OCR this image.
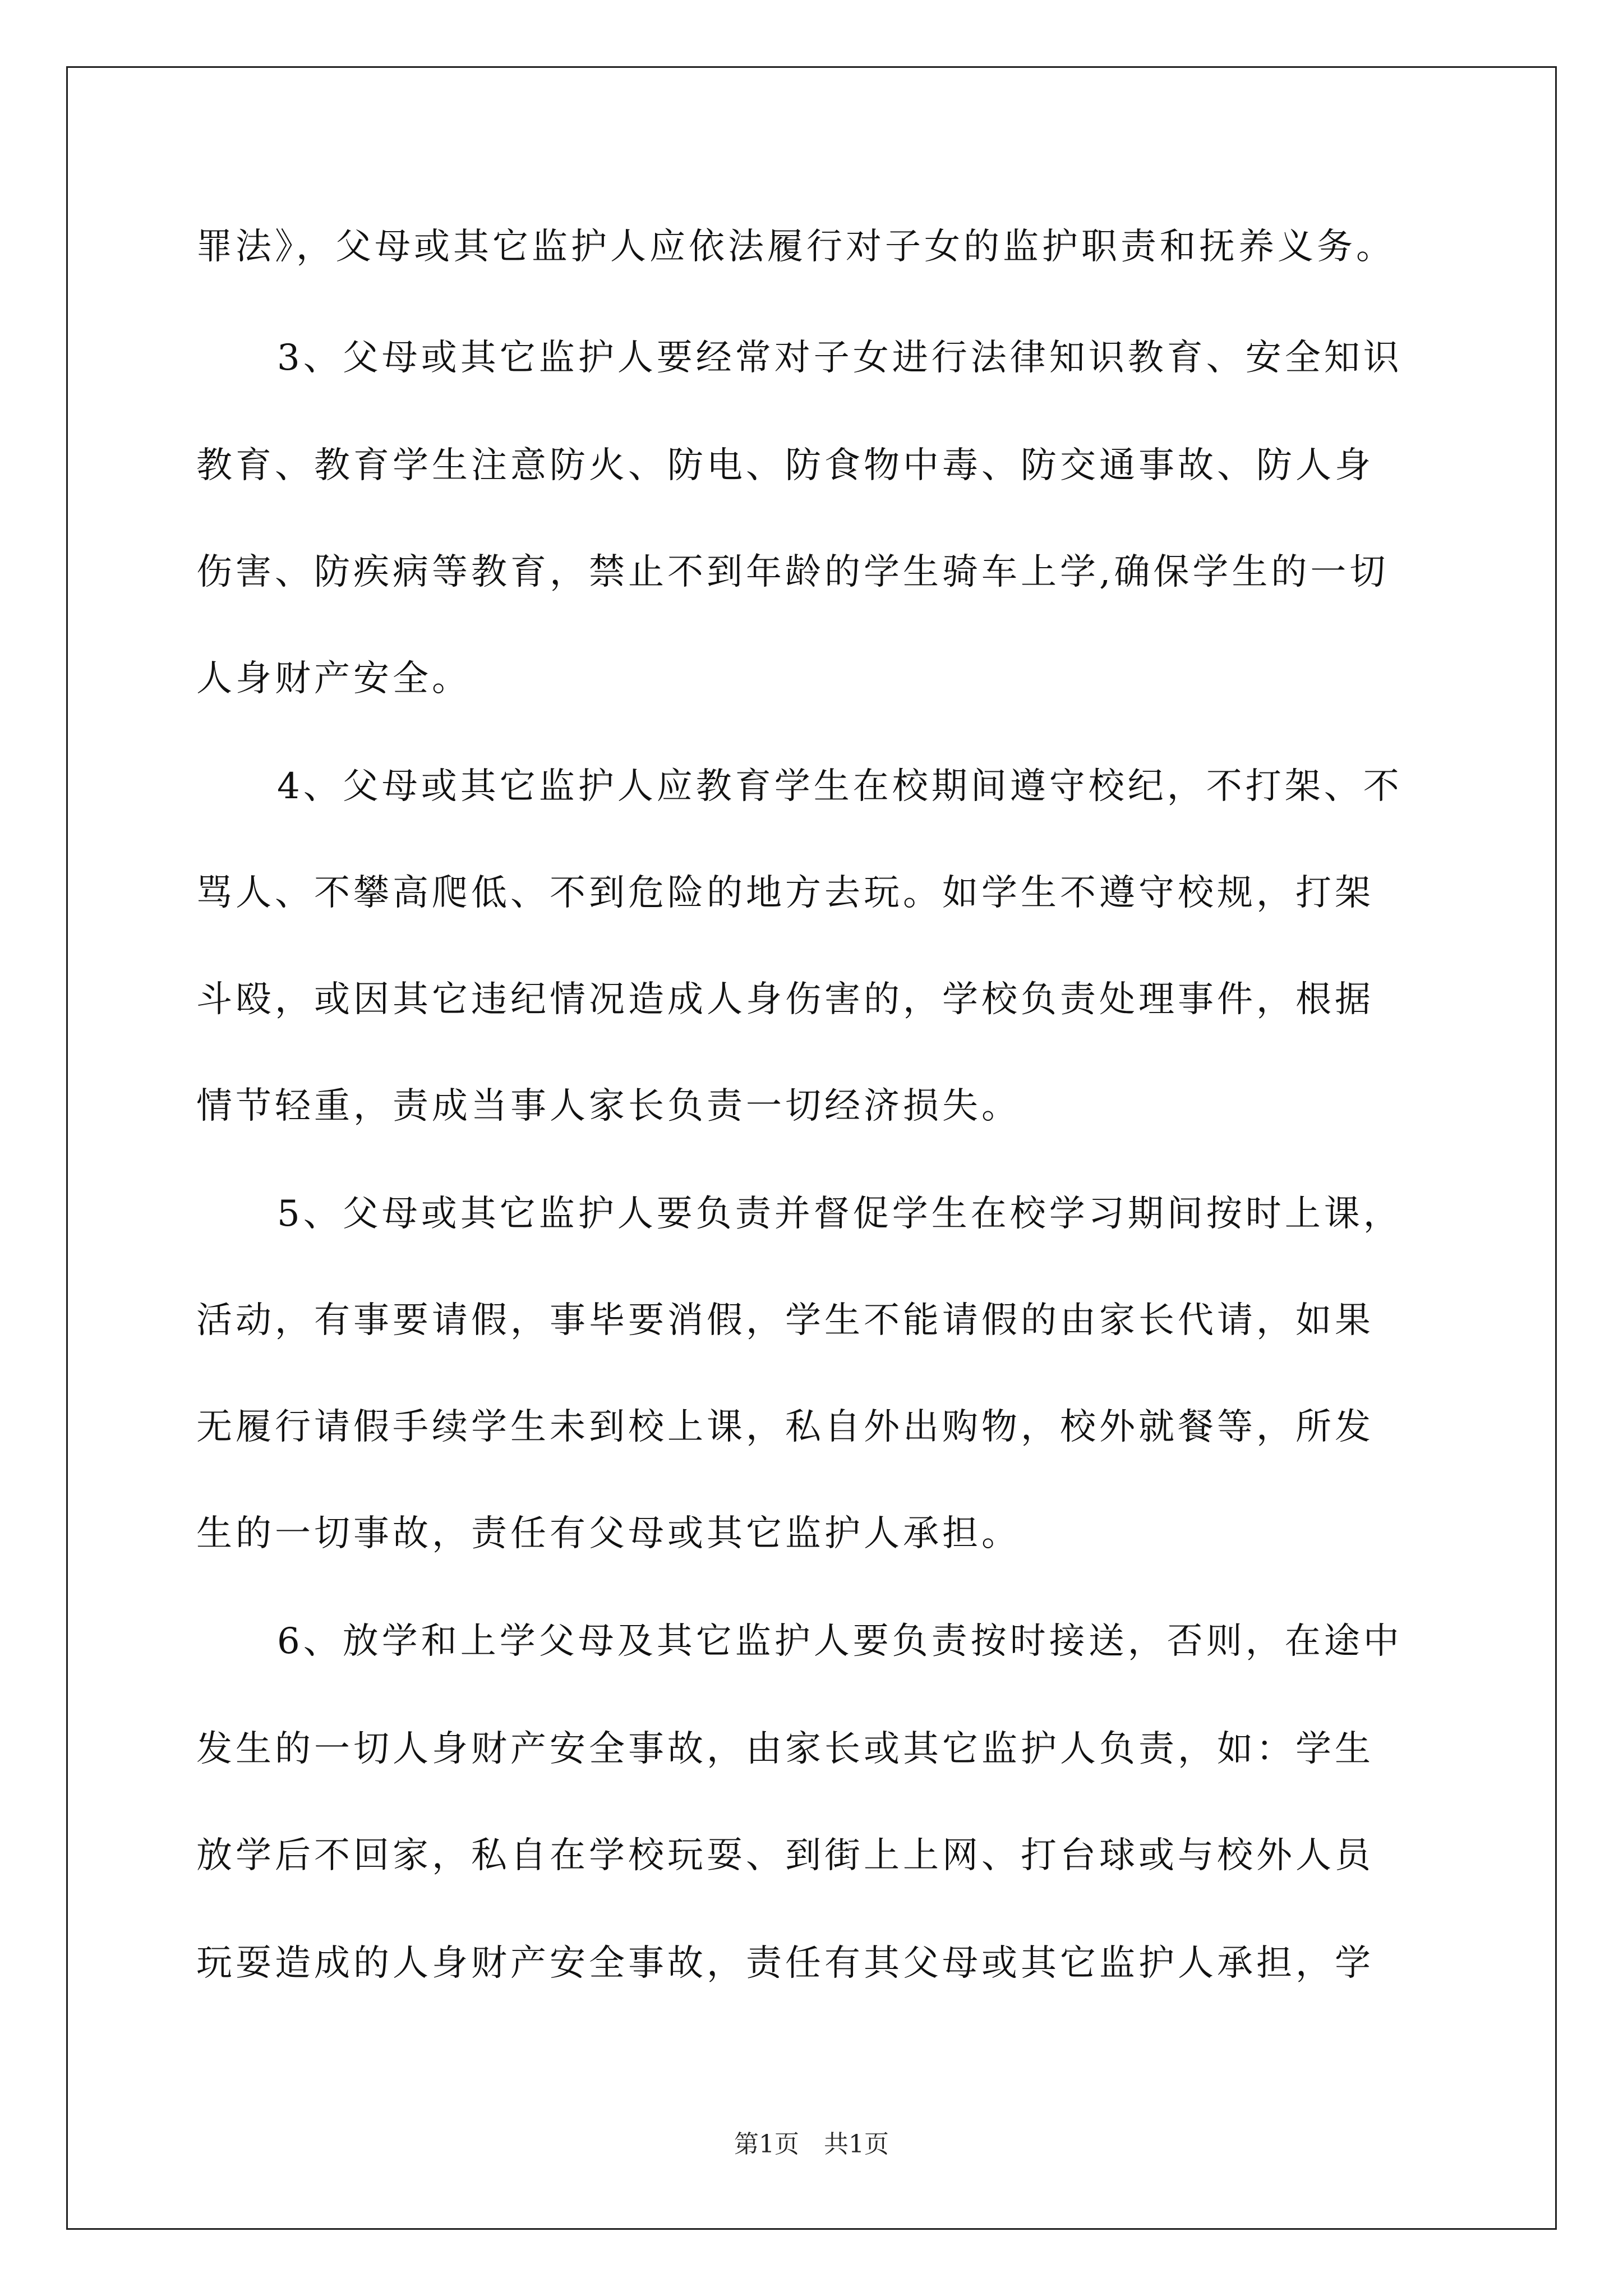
罪法》，父母或其它监护人应依法履行对子女的监护职责和抚养义务。
3、父母或其它监护人要经常对子女进行法律知识教育、安全知识
教育、教育学生注意防火、防电、防食物中毒、防交通事故、防人身
伤害、防疾病等教育，禁止不到年龄的学生骑车上学,确保学生的一切
人身财产安全。
4、父母或其它监护人应教育学生在校期间遵守校纪，不打架、不
骂人、不攀高爬低、不到危险的地方去玩。如学生不遵守校规，打架
斗殴，或因其它违纪情况造成人身伤害的，学校负责处理事件，根据
情节轻重，责成当事人家长负责一切经济损失。
5、父母或其它监护人要负责并督促学生在校学习期间按时上课，
活动，有事要请假，事毕要消假，学生不能请假的由家长代请，如果
无履行请假手续学生未到校上课，私自外出购物，校外就餐等，所发
生的一切事故，责任有父母或其它监护人承担。
6、放学和上学父母及其它监护人要负责按时接送，否则，在途中
发生的一切人身财产安全事故，由家长或其它监护人负责，如：学生
放学后不回家，私自在学校玩耍、到街上上网、打台球或与校外人员
玩耍造成的人身财产安全事故，责任有其父母或其它监护人承担，学
第1页　共1页
